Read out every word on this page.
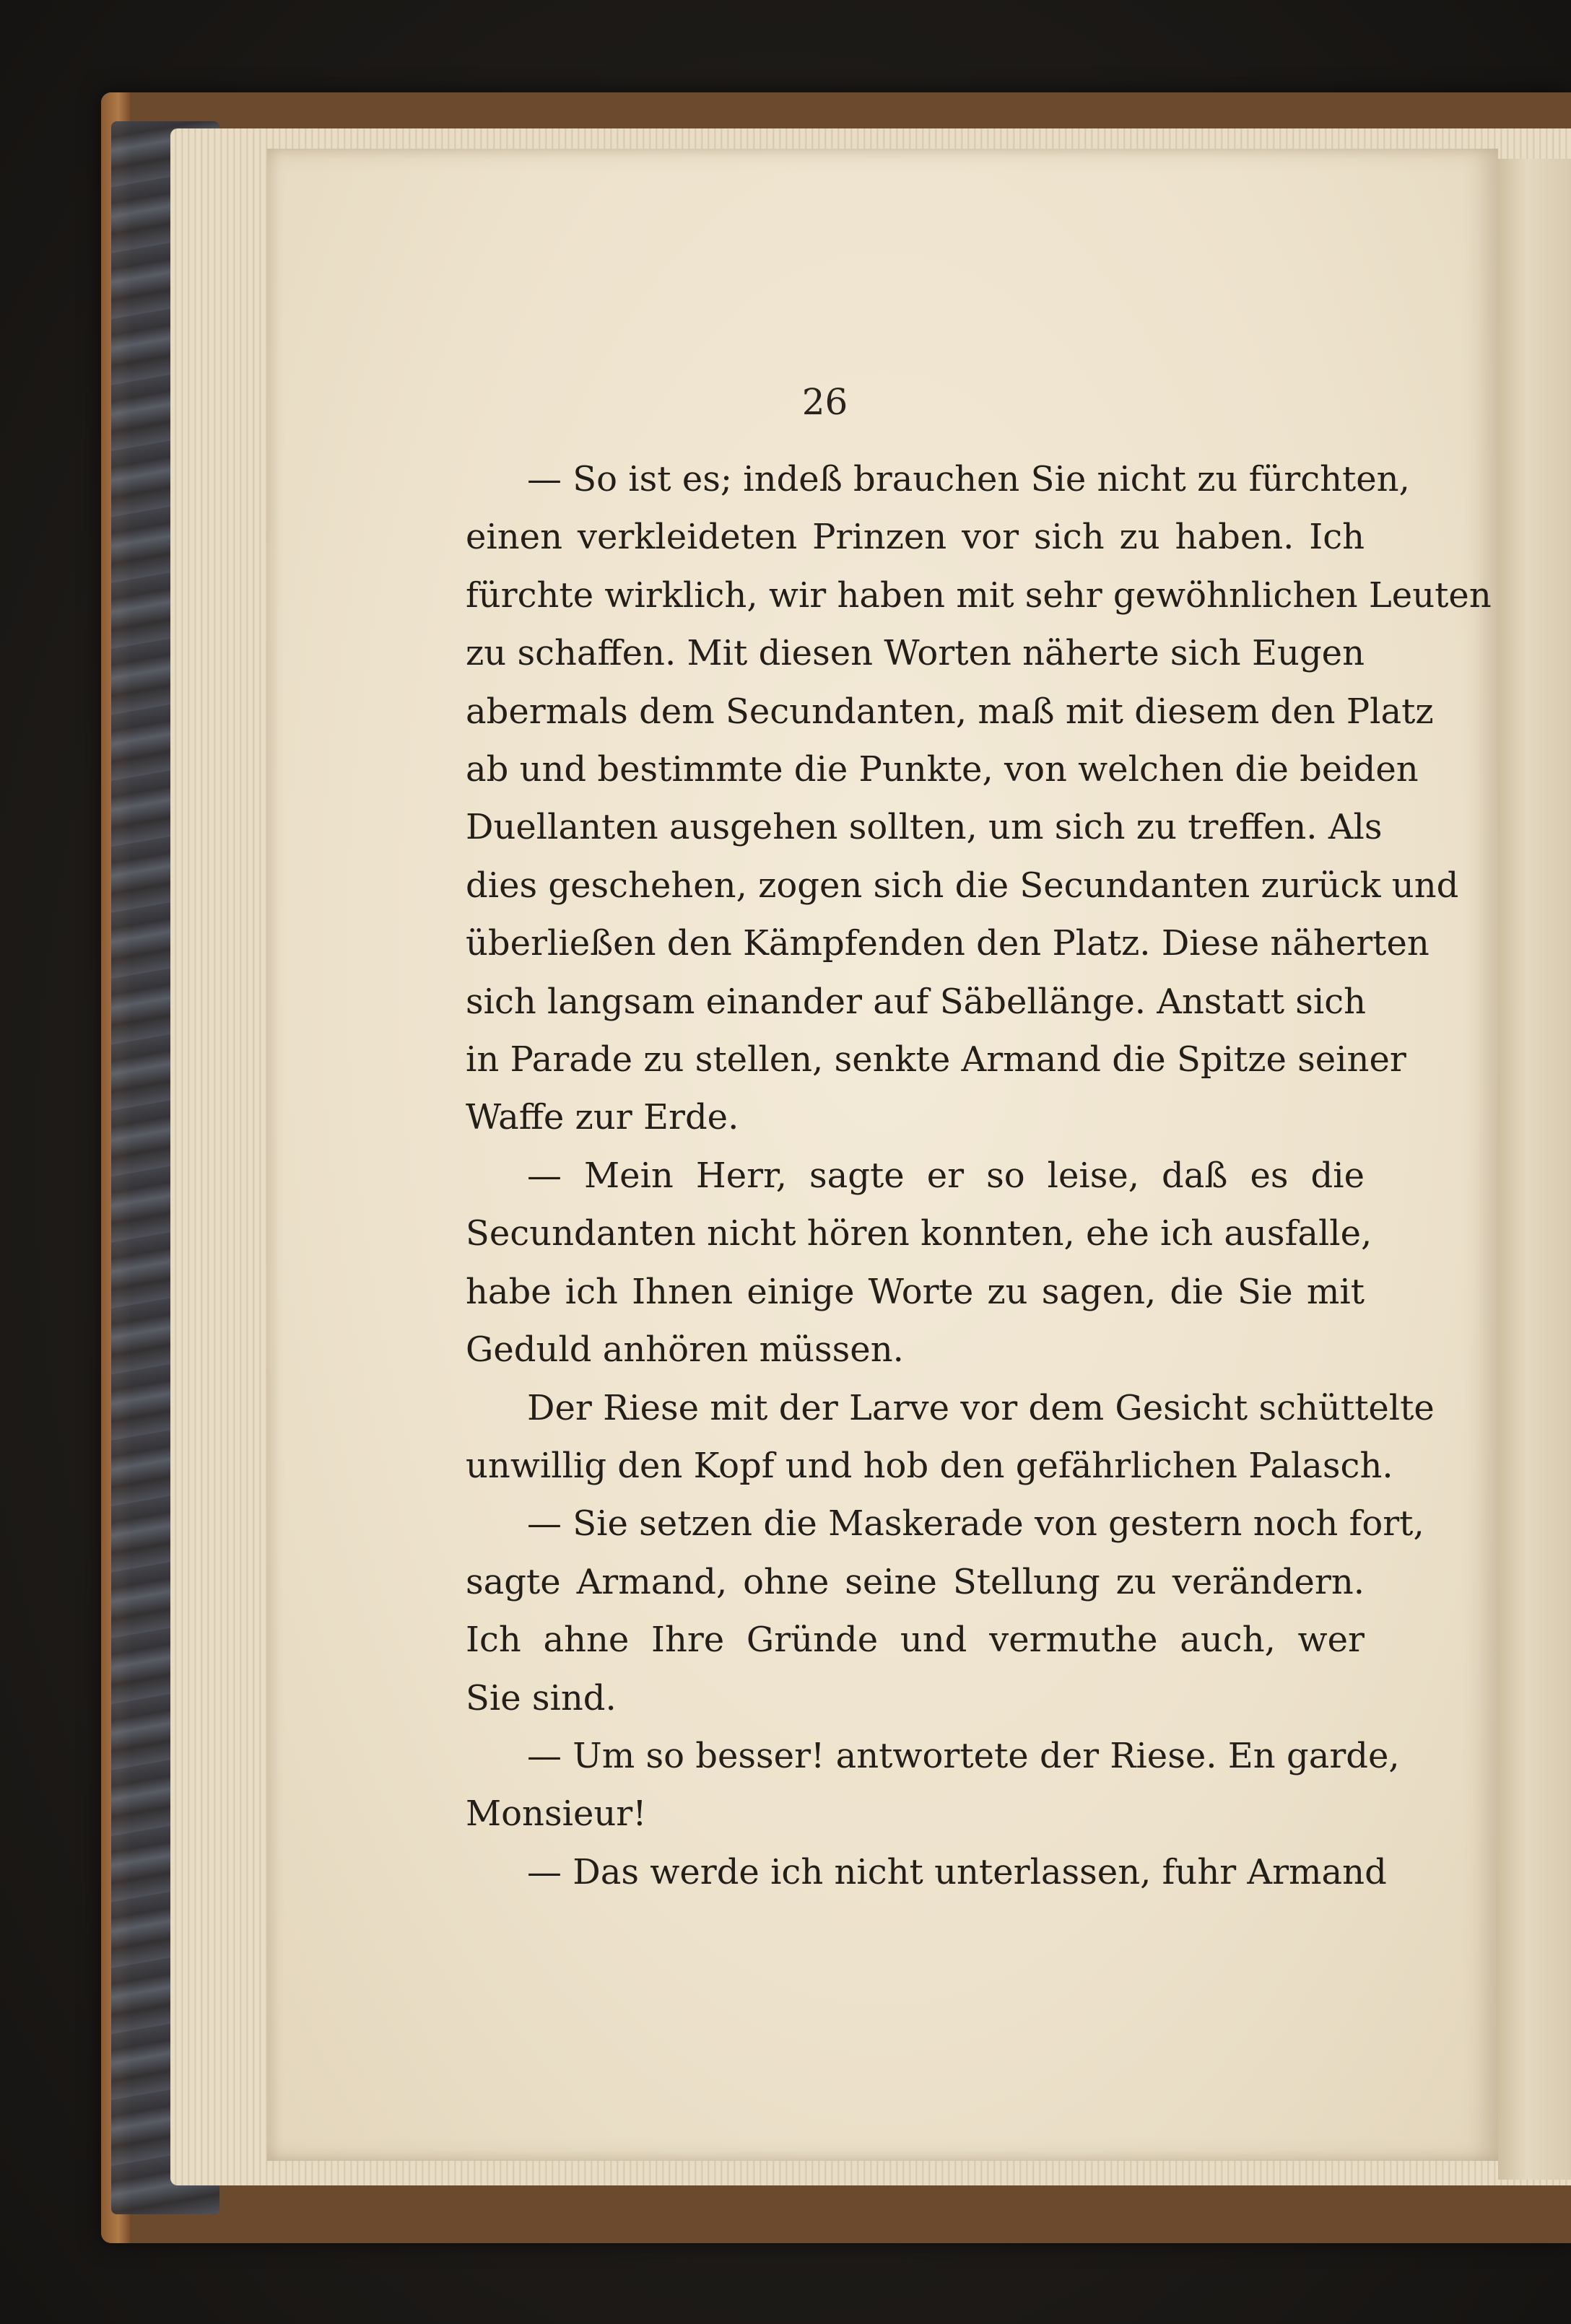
26
— So ist es; indeß brauchen Sie nicht zu fürchten,
einen verkleideten Prinzen vor sich zu haben. Ich
fürchte wirklich, wir haben mit sehr gewöhnlichen Leuten
zu schaffen. Mit diesen Worten näherte sich Eugen
abermals dem Secundanten, maß mit diesem den Platz
ab und bestimmte die Punkte, von welchen die beiden
Duellanten ausgehen sollten, um sich zu treffen. Als
dies geschehen, zogen sich die Secundanten zurück und
überließen den Kämpfenden den Platz. Diese näherten
sich langsam einander auf Säbellänge. Anstatt sich
in Parade zu stellen, senkte Armand die Spitze seiner
Waffe zur Erde.
— Mein Herr, sagte er so leise, daß es die
Secundanten nicht hören konnten, ehe ich ausfalle,
habe ich Ihnen einige Worte zu sagen, die Sie mit
Geduld anhören müssen.
Der Riese mit der Larve vor dem Gesicht schüttelte
unwillig den Kopf und hob den gefährlichen Palasch.
— Sie setzen die Maskerade von gestern noch fort,
sagte Armand, ohne seine Stellung zu verändern.
Ich ahne Ihre Gründe und vermuthe auch, wer
Sie sind.
— Um so besser! antwortete der Riese. En garde,
Monsieur!
— Das werde ich nicht unterlassen, fuhr Armand
